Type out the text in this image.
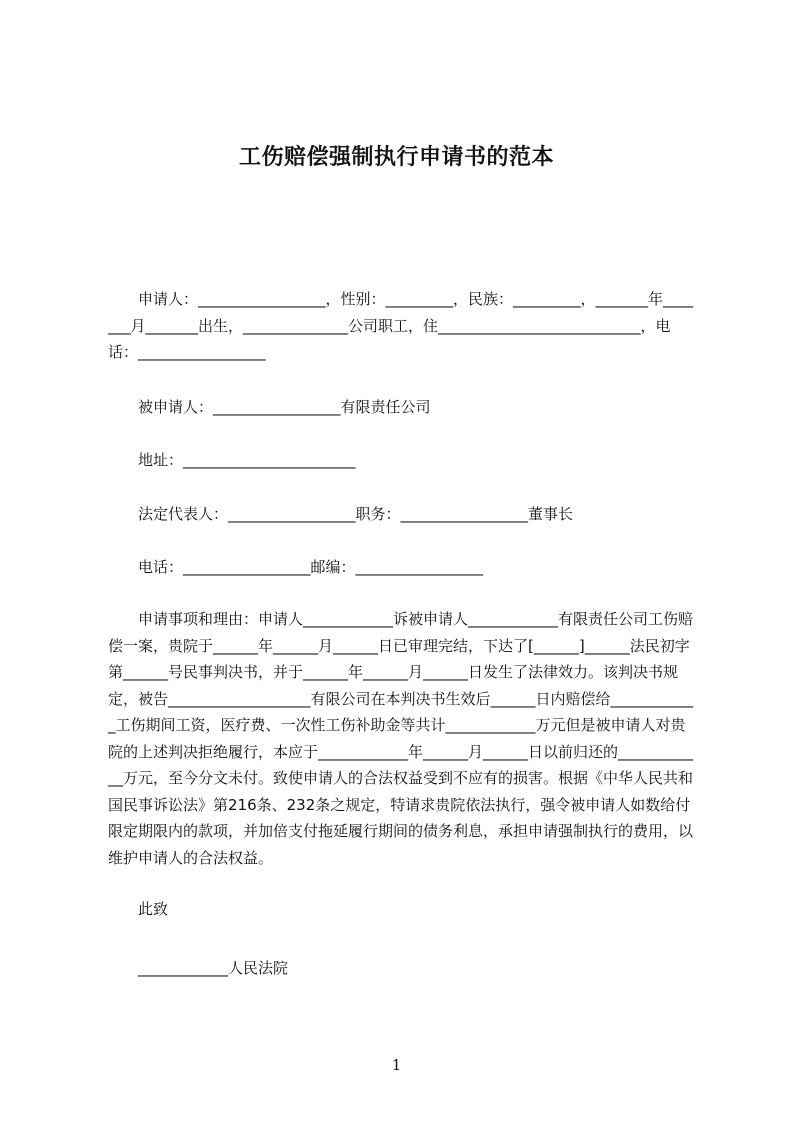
工伤赔偿强制执行申请书的范本

申请人：_________________，性别：_________，民族：_________，_______年_______月_______出生，______________公司职工，住___________________________，电话：_________________

被申请人：_________________有限责任公司

地址：_______________________

法定代表人：_________________职务：_________________董事长

电话：_________________邮编：_________________

申请事项和理由：申请人____________诉被申请人____________有限责任公司工伤赔偿一案，贵院于______年______月______日已审理完结，下达了[______]______法民初字第______号民事判决书，并于______年______月______日发生了法律效力。该判决书规定，被告___________________有限公司在本判决书生效后______日内赔偿给____________工伤期间工资，医疗费、一次性工伤补助金等共计____________万元但是被申请人对贵院的上述判决拒绝履行，本应于____________年______月______日以前归还的____________万元，至今分文未付。致使申请人的合法权益受到不应有的损害。根据《中华人民共和国民事诉讼法》第216条、232条之规定，特请求贵院依法执行，强令被申请人如数给付限定期限内的款项，并加倍支付拖延履行期间的债务利息，承担申请强制执行的费用，以维护申请人的合法权益。

此致

____________人民法院

1
